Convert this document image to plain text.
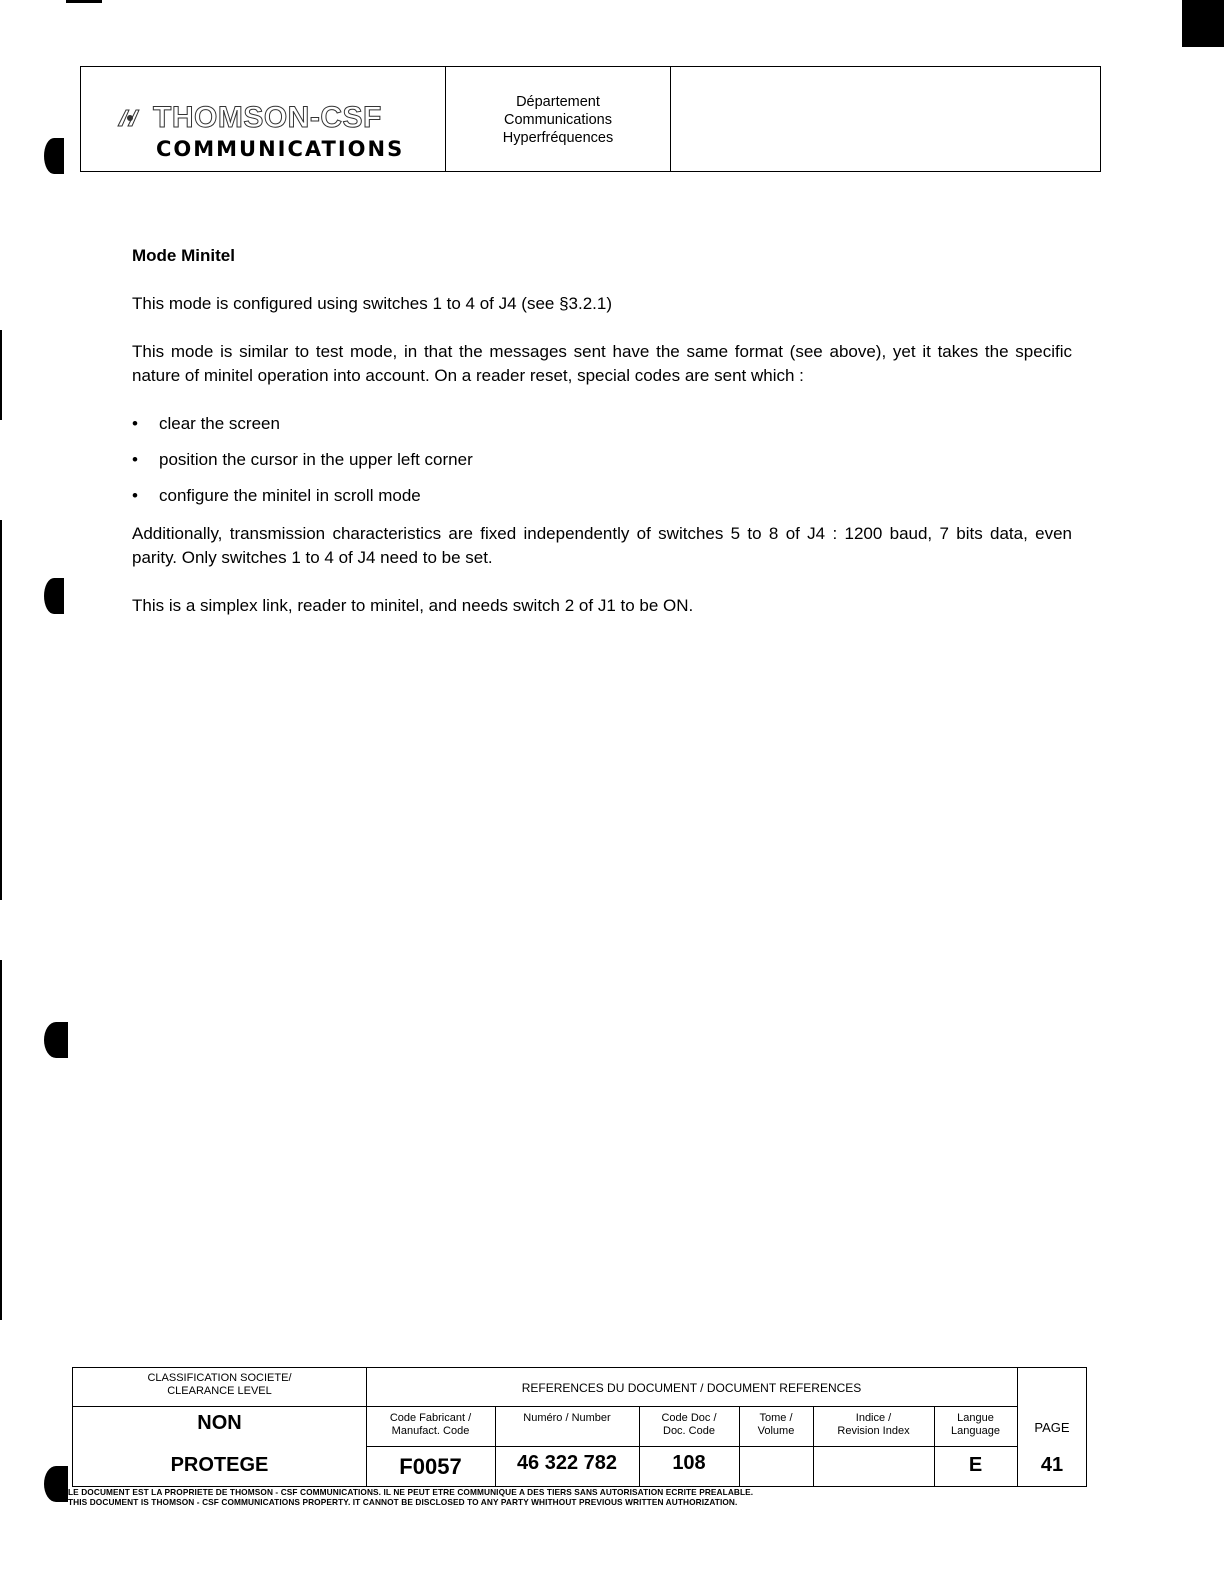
THOMSON-CSF
COMMUNICATIONS
Département
Communications
Hyperfréquences

Mode Minitel

This mode is configured using switches 1 to 4 of J4 (see §3.2.1)

This mode is similar to test mode, in that the messages sent have the same format (see above), yet it takes the specific nature of minitel operation into account. On a reader reset, special codes are sent which :

• clear the screen
• position the cursor in the upper left corner
• configure the minitel in scroll mode

Additionally, transmission characteristics are fixed independently of switches 5 to 8 of J4 : 1200 baud, 7 bits data, even parity. Only switches 1 to 4 of J4 need to be set.

This is a simplex link, reader to minitel, and needs switch 2 of J1 to be ON.

CLASSIFICATION SOCIETE/
CLEARANCE LEVEL
NON
PROTEGE
REFERENCES DU DOCUMENT / DOCUMENT REFERENCES
Code Fabricant /
Manufact. Code
F0057
Numéro / Number
46 322 782
Code Doc /
Doc. Code
108
Tome /
Volume
Indice /
Revision Index
Langue
Language
E
PAGE
41
LE DOCUMENT EST LA PROPRIETE DE THOMSON - CSF COMMUNICATIONS. IL NE PEUT ETRE COMMUNIQUE A DES TIERS SANS AUTORISATION ECRITE PREALABLE.
THIS DOCUMENT IS THOMSON - CSF COMMUNICATIONS PROPERTY. IT CANNOT BE DISCLOSED TO ANY PARTY WHITHOUT PREVIOUS WRITTEN AUTHORIZATION.
